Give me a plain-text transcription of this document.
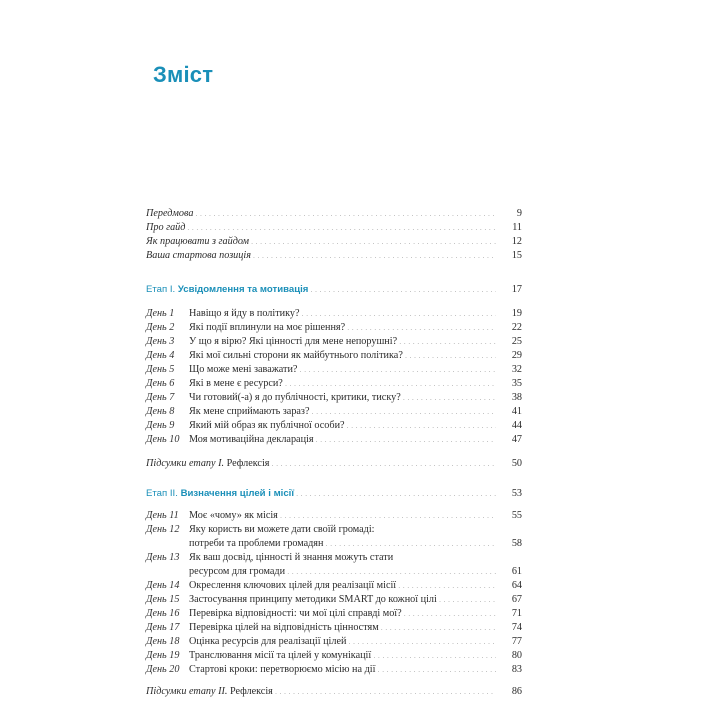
Зміст
Передмова . . .	9
Про гайд . . .	11
Як працювати з гайдом . . .	12
Ваша стартова позиція . . .	15
Етап I. Усвідомлення та мотивація . . .	17
День 1	Навіщо я йду в політику? . . .	19
День 2	Які події вплинули на моє рішення? . . .	22
День 3	У що я вірю? Які цінності для мене непорушні? . . .	25
День 4	Які мої сильні сторони як майбутнього політика? . . .	29
День 5	Що може мені заважати? . . .	32
День 6	Які в мене є ресурси? . . .	35
День 7	Чи готовий(-а) я до публічності, критики, тиску? . . .	38
День 8	Як мене сприймають зараз? . . .	41
День 9	Який мій образ як публічної особи? . . .	44
День 10 Моя мотиваційна декларація . . .	47
Підсумки етапу I. Рефлексія . . .	50
Етап II. Визначення цілей і місії . . .	53
День 11	Моє «чому» як місія . . .	55
День 12 Яку користь ви можете дати своїй громаді:
потреби та проблеми громадян . . .	58
День 13 Як ваш досвід, цінності й знання можуть стати
ресурсом для громади . . .	61
День 14 Окреслення ключових цілей для реалізації місії . . .	64
День 15 Застосування принципу методики SMART до кожної цілі . . .	67
День 16 Перевірка відповідності: чи мої цілі справді мої? . . .	71
День 17 Перевірка цілей на відповідність цінностям . . .	74
День 18 Оцінка ресурсів для реалізації цілей . . .	77
День 19 Транслювання місії та цілей у комунікації . . .	80
День 20 Стартові кроки: перетворюємо місію на дії . . .	83
Підсумки етапу II. Рефлексія . . .	86
